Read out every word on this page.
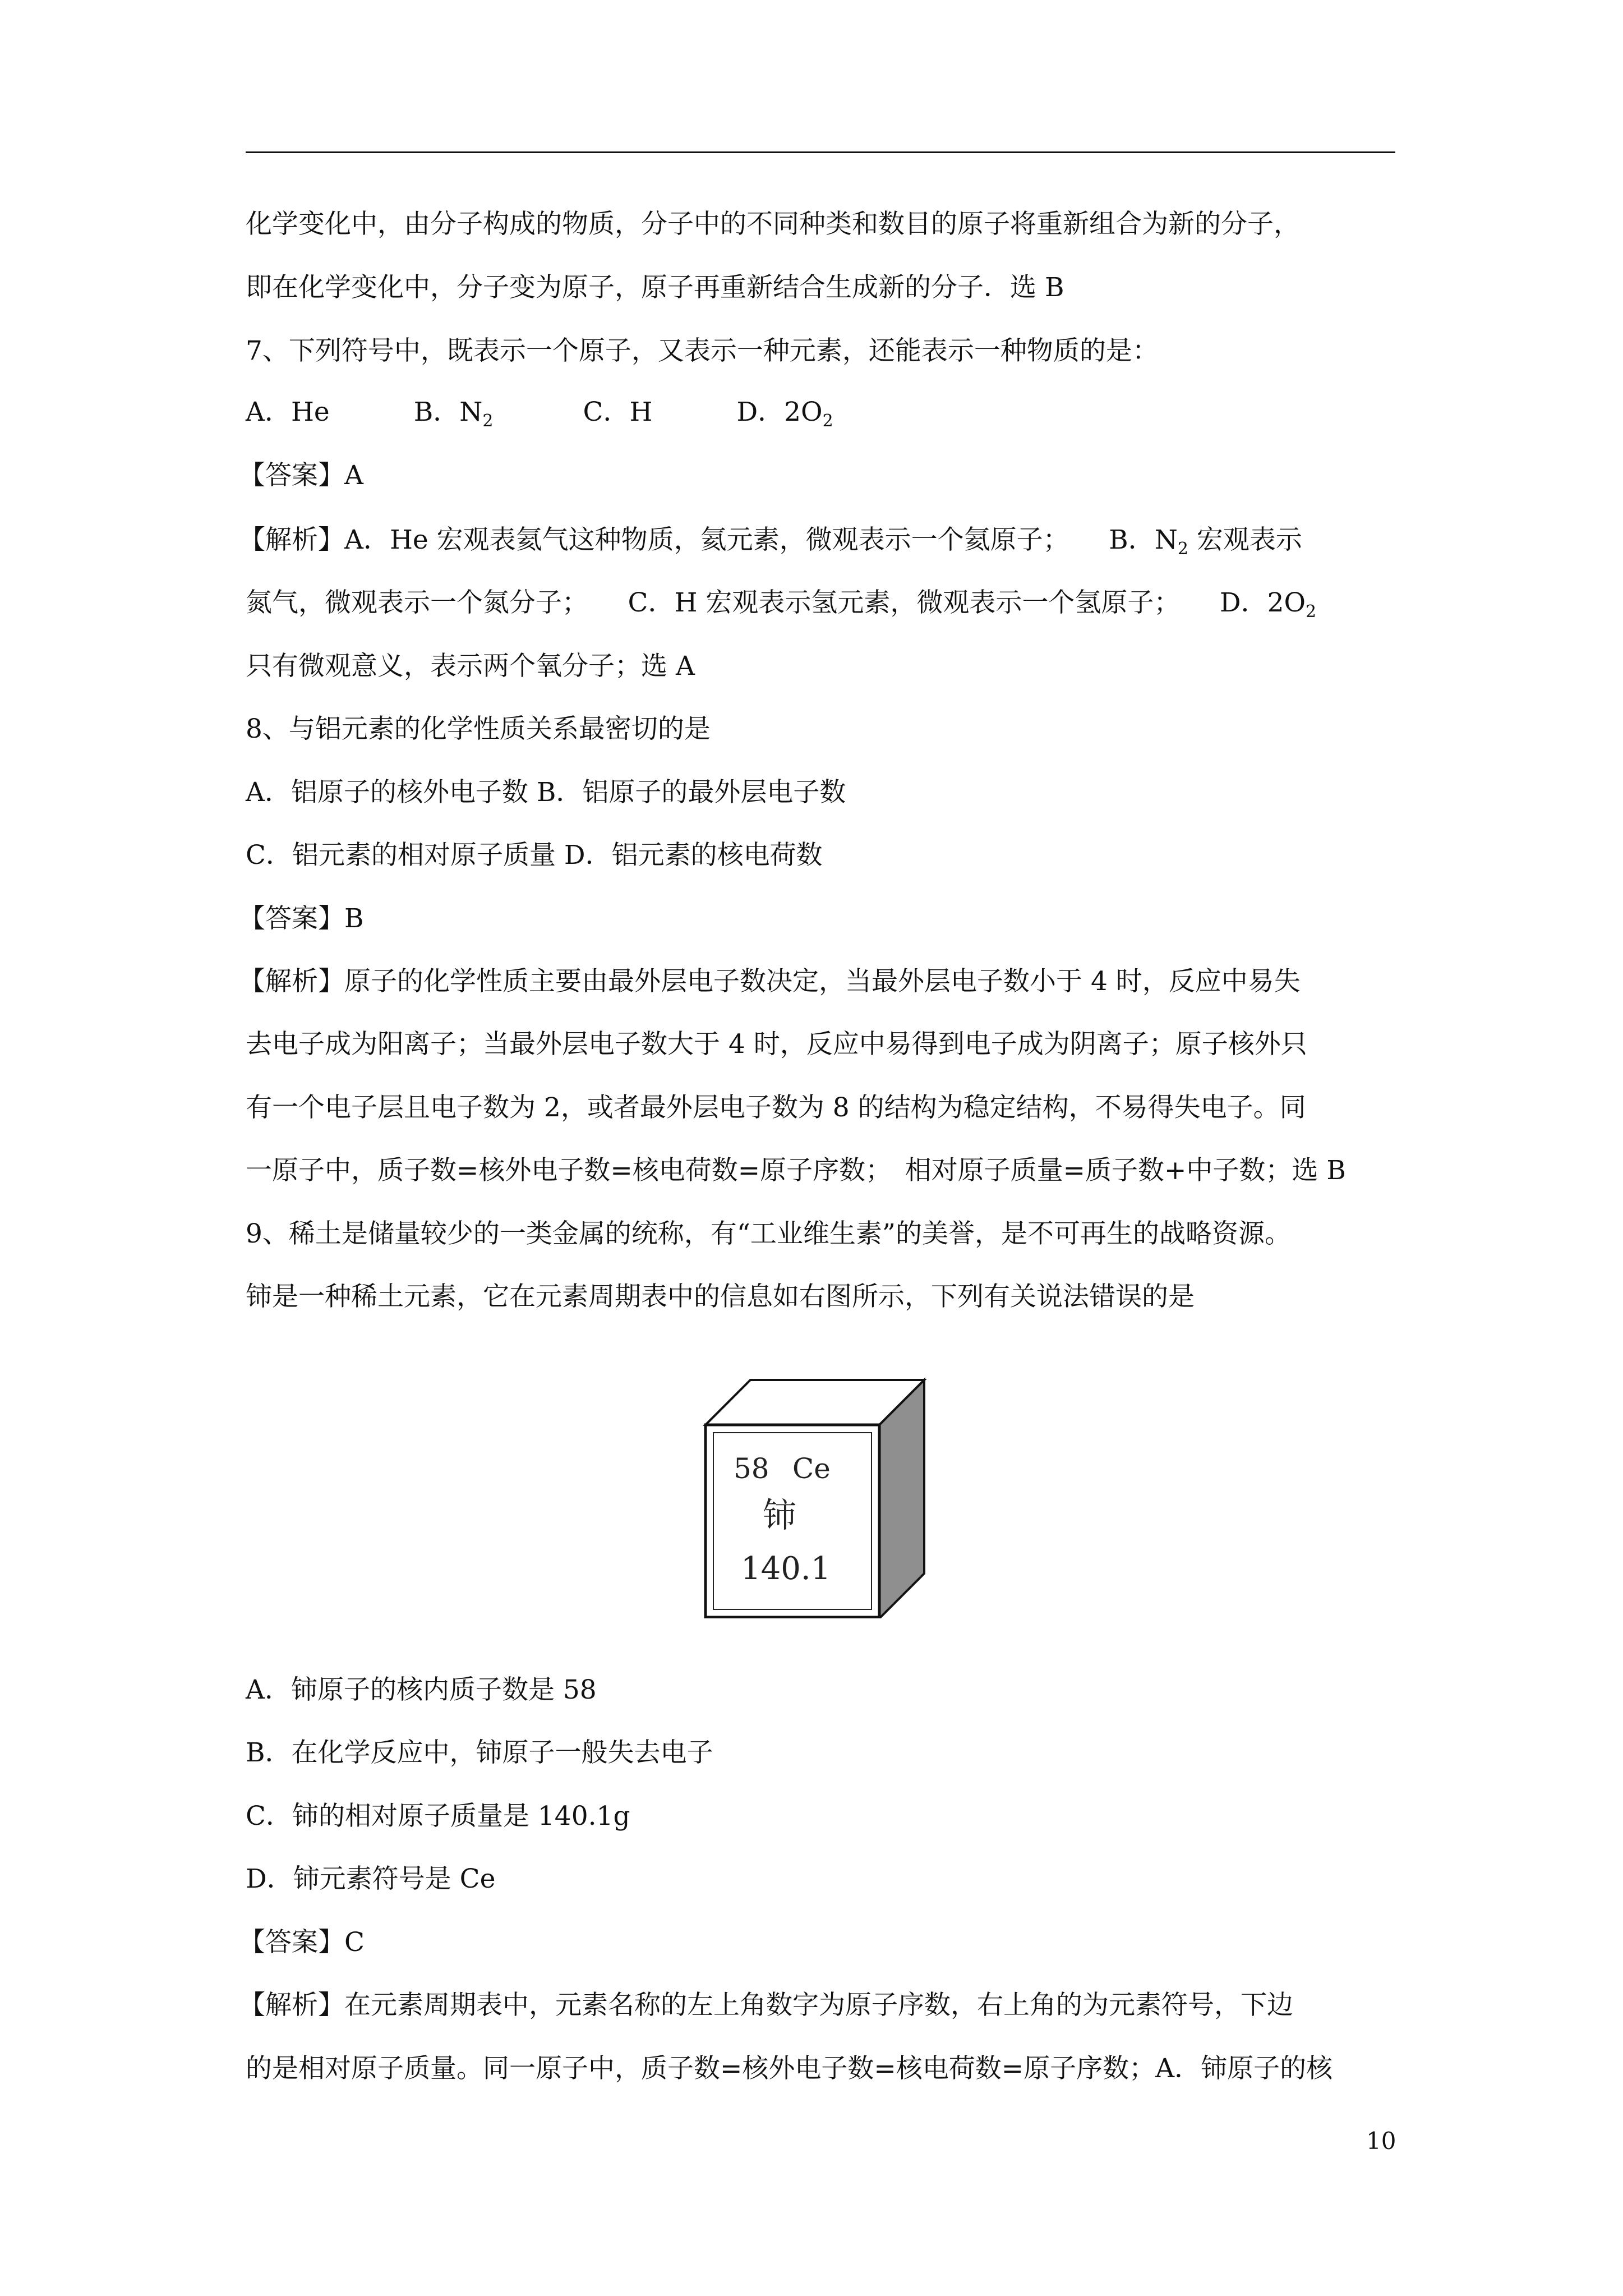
化学变化中，由分子构成的物质，分子中的不同种类和数目的原子将重新组合为新的分子，
即在化学变化中，分子变为原子，原子再重新结合生成新的分子．选 B
7、下列符号中，既表示一个原子，又表示一种元素，还能表示一种物质的是：
A．He	B．$N_2$	C．H	D．$2O_2$
【答案】A
【解析】A．He 宏观表氦气这种物质，氦元素，微观表示一个氦原子；　　B．$N_2$ 宏观表示
氮气，微观表示一个氮分子；　　C．H 宏观表示氢元素，微观表示一个氢原子；　　D．$2O_2$
只有微观意义，表示两个氧分子；选 A
8、与铝元素的化学性质关系最密切的是
A．铝原子的核外电子数 B．铝原子的最外层电子数
C．铝元素的相对原子质量 D．铝元素的核电荷数
【答案】B
【解析】原子的化学性质主要由最外层电子数决定，当最外层电子数小于 4 时，反应中易失
去电子成为阳离子；当最外层电子数大于 4 时，反应中易得到电子成为阴离子；原子核外只
有一个电子层且电子数为 2，或者最外层电子数为 8 的结构为稳定结构，不易得失电子。同
一原子中，质子数=核外电子数=核电荷数=原子序数；　相对原子质量=质子数+中子数；选 B
9、稀土是储量较少的一类金属的统称，有“工业维生素”的美誉，是不可再生的战略资源。
铈是一种稀土元素，它在元素周期表中的信息如右图所示，下列有关说法错误的是
58 Ce
铈
140.1
A．铈原子的核内质子数是 58
B．在化学反应中，铈原子一般失去电子
C．铈的相对原子质量是 140.1g
D．铈元素符号是 Ce
【答案】C
【解析】在元素周期表中，元素名称的左上角数字为原子序数，右上角的为元素符号，下边
的是相对原子质量。同一原子中，质子数=核外电子数=核电荷数=原子序数；A．铈原子的核
10
